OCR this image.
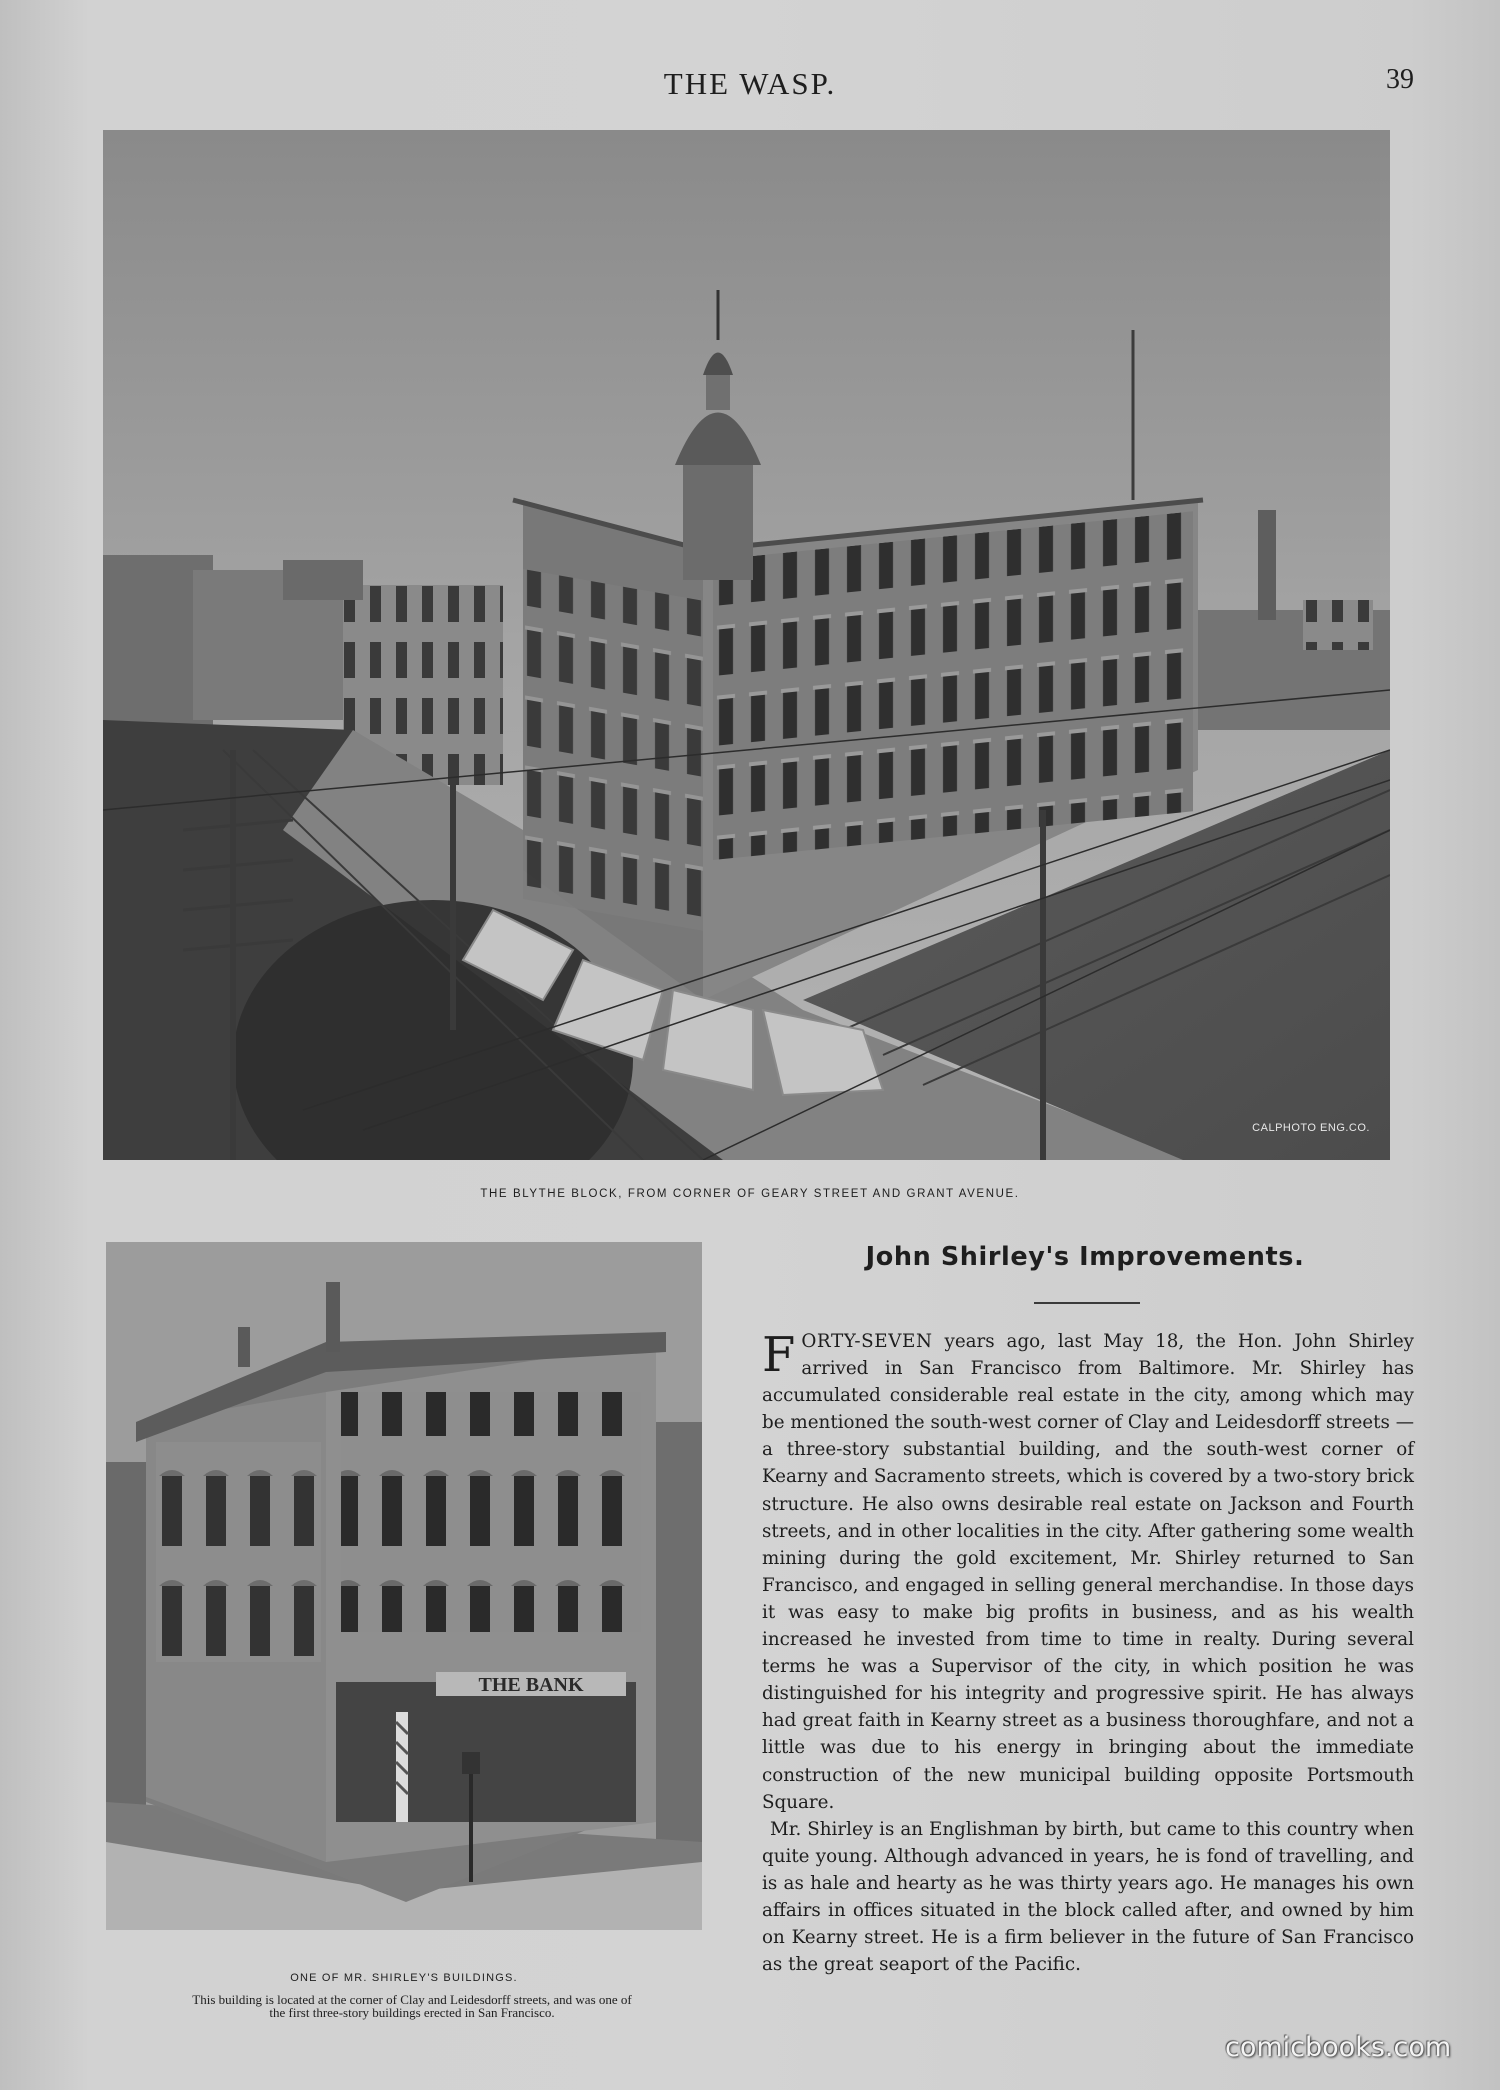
THE WASP.	39
CALPHOTO ENG.CO.
THE BLYTHE BLOCK, FROM CORNER OF GEARY STREET AND GRANT AVENUE.
THE BANK
ONE OF MR. SHIRLEY'S BUILDINGS.
This building is located at the corner of Clay and Leidesdorff streets, and was one of
the first three-story buildings erected in San Francisco.
John Shirley's Improvements.

FORTY-SEVEN years ago, last May 18, the Hon. John Shirley arrived in San Francisco from Baltimore. Mr. Shirley has accumulated considerable real estate in the city, among which may be mentioned the south-west corner of Clay and Leidesdorff streets — a three-story substantial building, and the south-west corner of Kearny and Sacramento streets, which is covered by a two-story brick structure. He also owns desirable real estate on Jackson and Fourth streets, and in other localities in the city. After gathering some wealth mining during the gold excitement, Mr. Shirley returned to San Francisco, and engaged in selling general merchandise. In those days it was easy to make big profits in business, and as his wealth increased he invested from time to time in realty. During several terms he was a Supervisor of the city, in which position he was distinguished for his integrity and progressive spirit. He has always had great faith in Kearny street as a business thoroughfare, and not a little was due to his energy in bringing about the immediate construction of the new municipal building opposite Portsmouth Square.

Mr. Shirley is an Englishman by birth, but came to this country when quite young. Although advanced in years, he is fond of travelling, and is as hale and hearty as he was thirty years ago. He manages his own affairs in offices situated in the block called after, and owned by him on Kearny street. He is a firm believer in the future of San Francisco as the great seaport of the Pacific.

comicbooks.com
